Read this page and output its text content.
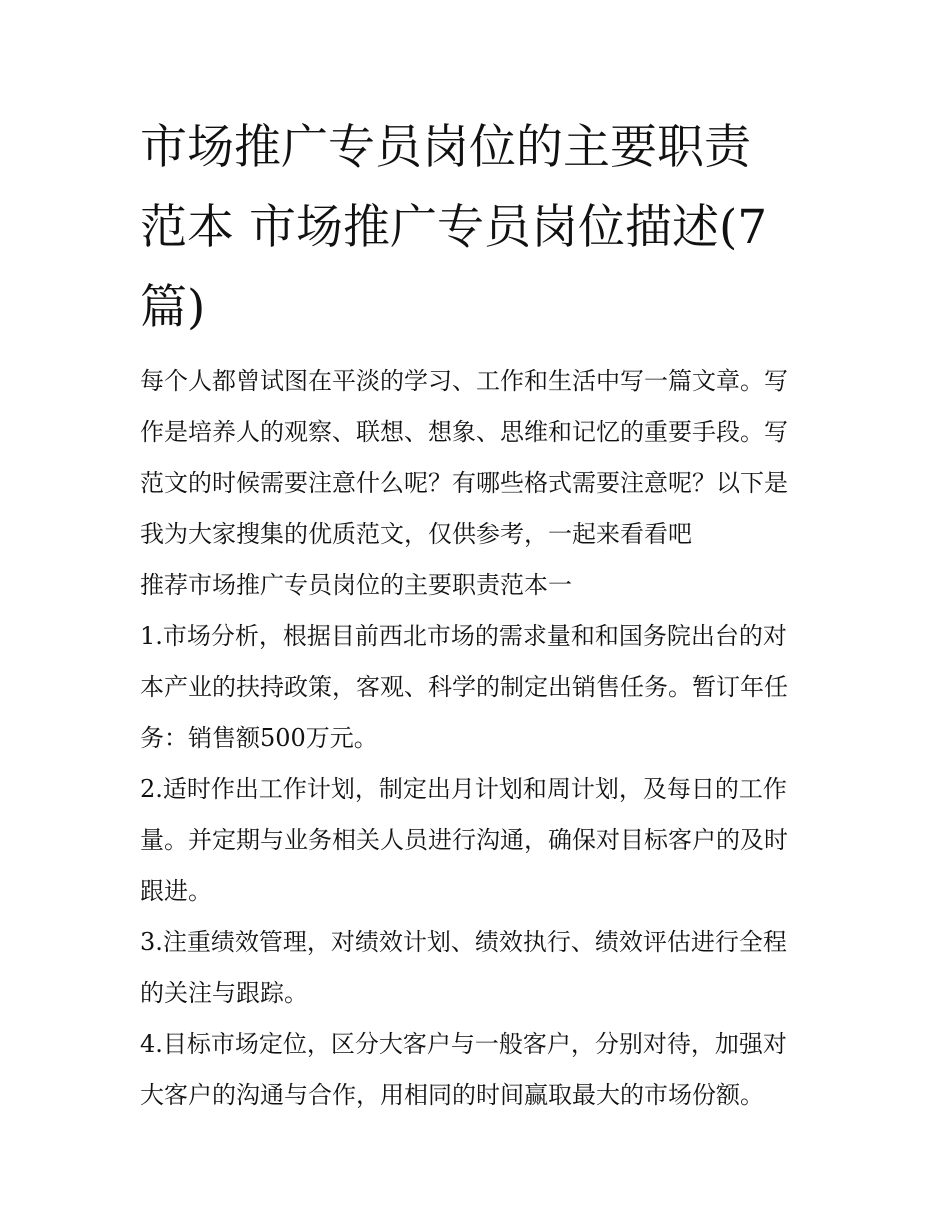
市场推广专员岗位的主要职责
范本 市场推广专员岗位描述(7
篇)
每个人都曾试图在平淡的学习、工作和生活中写一篇文章。写
作是培养人的观察、联想、想象、思维和记忆的重要手段。写
范文的时候需要注意什么呢？有哪些格式需要注意呢？以下是
我为大家搜集的优质范文，仅供参考，一起来看看吧
推荐市场推广专员岗位的主要职责范本一
1.市场分析，根据目前西北市场的需求量和和国务院出台的对
本产业的扶持政策，客观、科学的制定出销售任务。暂订年任
务：销售额500万元。
2.适时作出工作计划，制定出月计划和周计划，及每日的工作
量。并定期与业务相关人员进行沟通，确保对目标客户的及时
跟进。
3.注重绩效管理，对绩效计划、绩效执行、绩效评估进行全程
的关注与跟踪。
4.目标市场定位，区分大客户与一般客户，分别对待，加强对
大客户的沟通与合作，用相同的时间赢取最大的市场份额。
